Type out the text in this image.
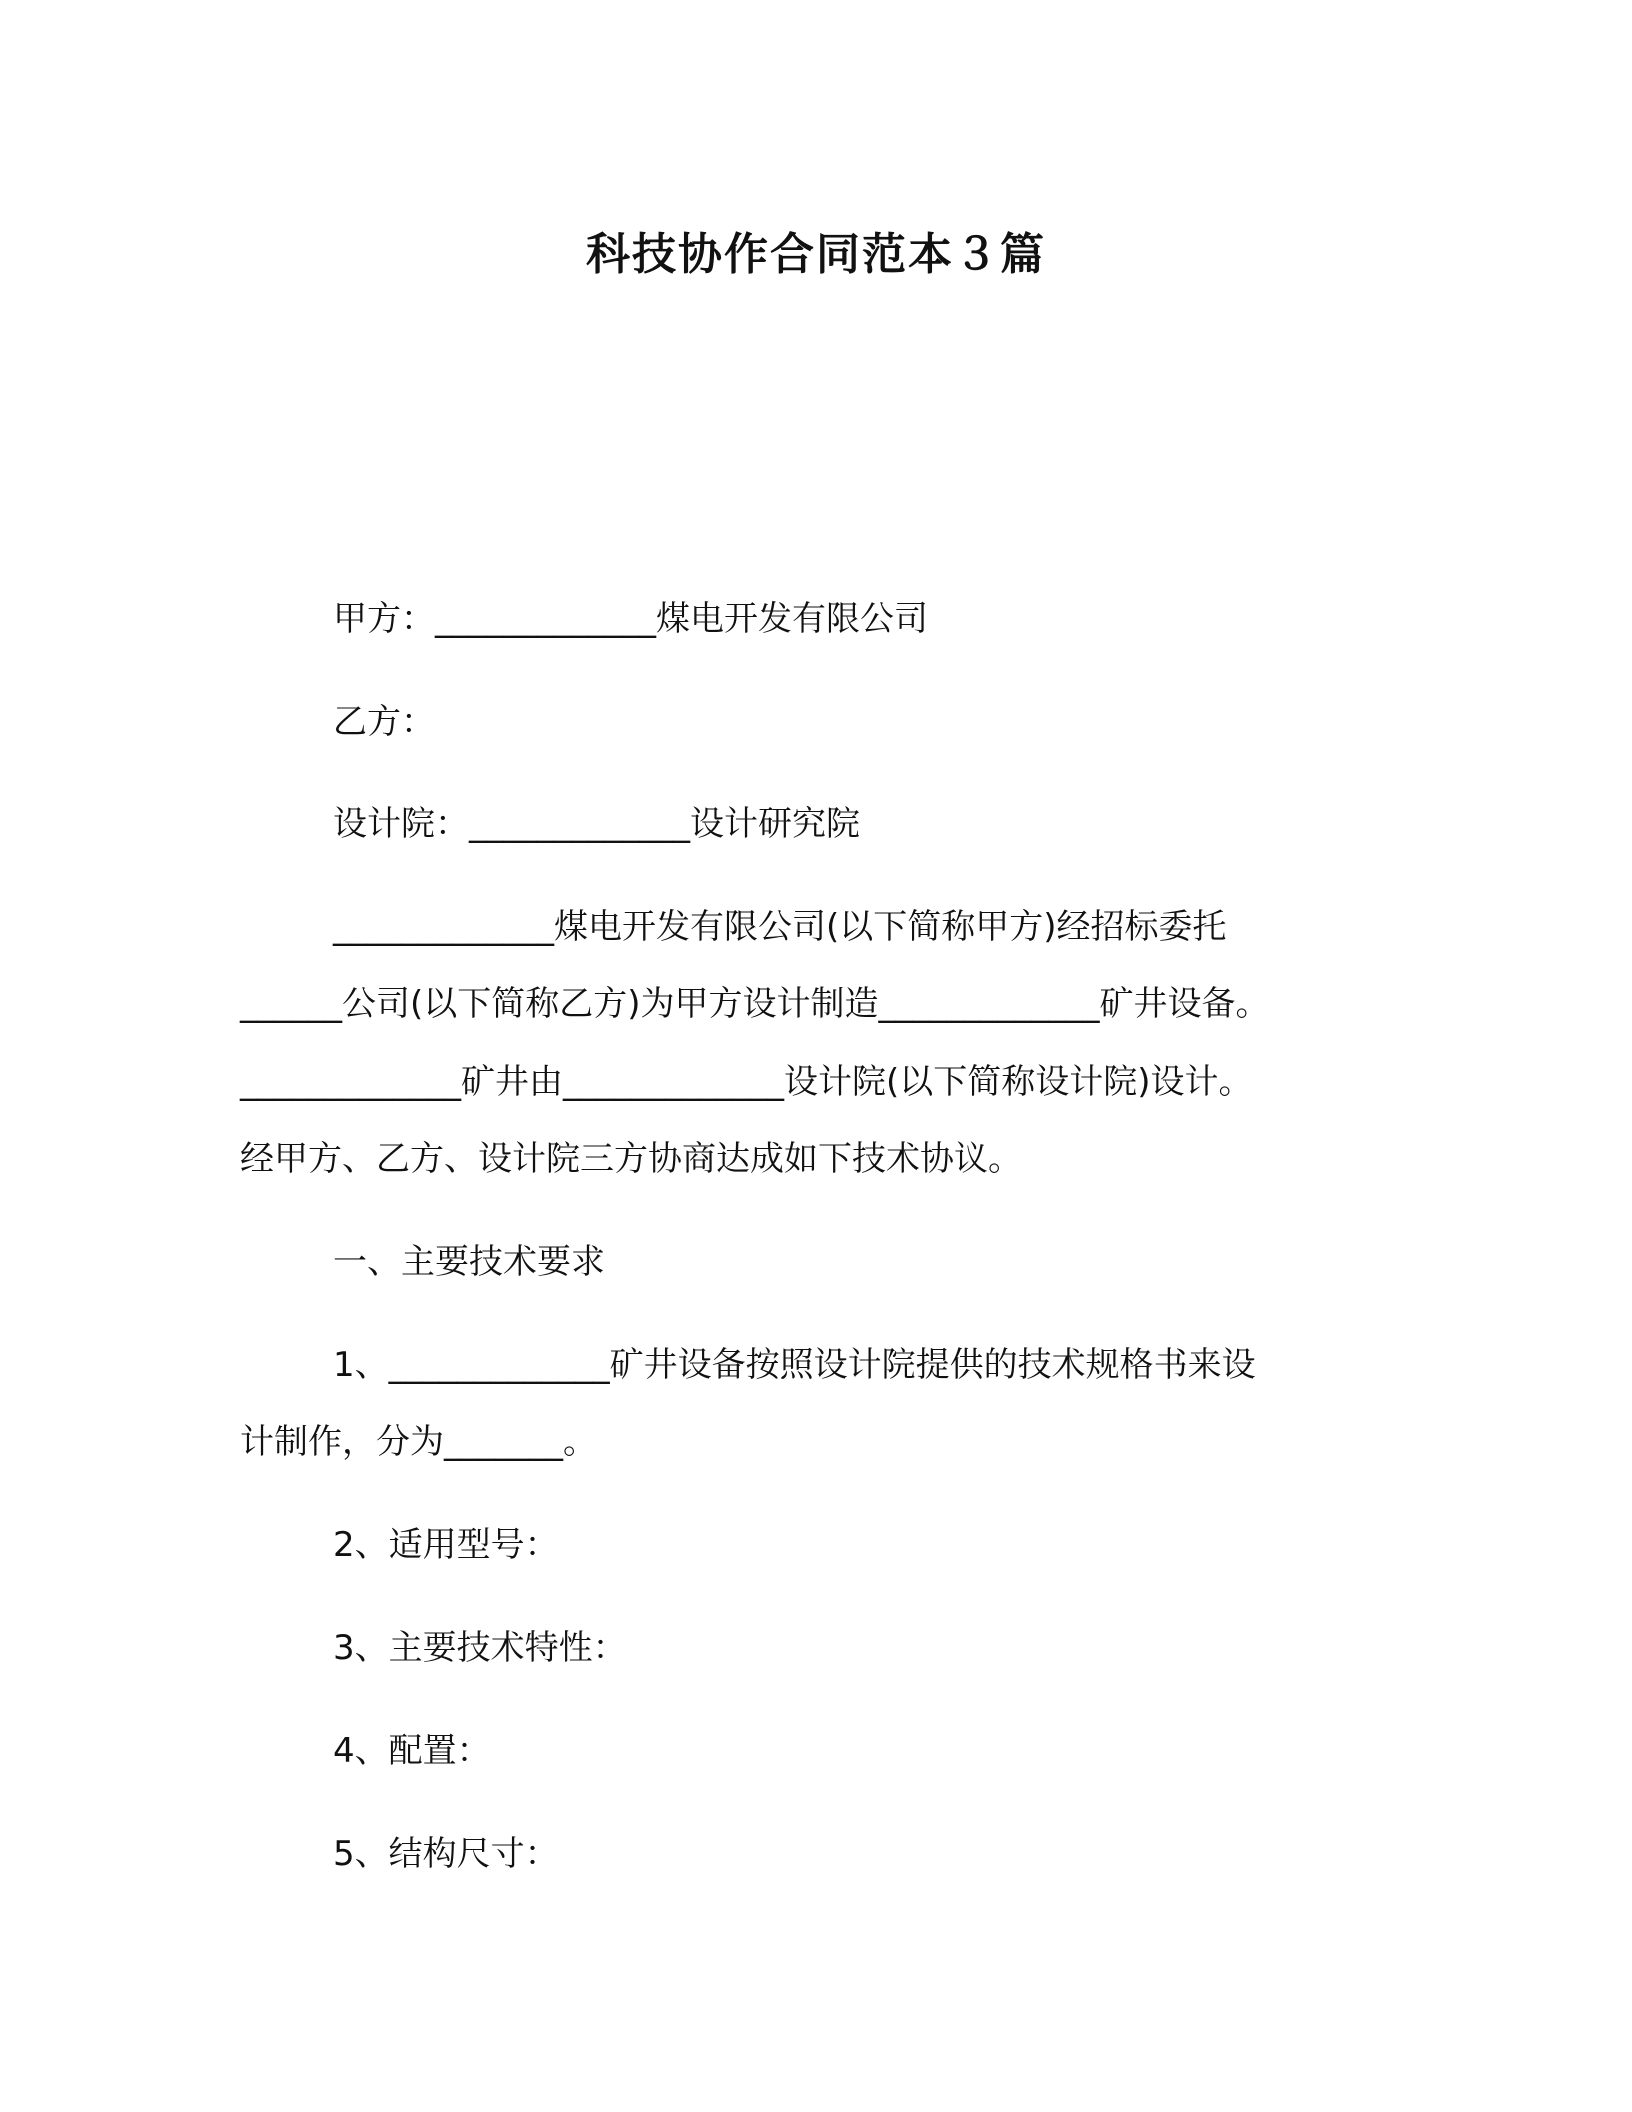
科技协作合同范本３篇
甲方：_____________煤电开发有限公司
乙方：
设计院：_____________设计研究院
_____________煤电开发有限公司(以下简称甲方)经招标委托
______公司(以下简称乙方)为甲方设计制造_____________矿井设备。
_____________矿井由_____________设计院(以下简称设计院)设计。
经甲方、乙方、设计院三方协商达成如下技术协议。
一、主要技术要求
1、_____________矿井设备按照设计院提供的技术规格书来设
计制作，分为_______。
2、适用型号：
3、主要技术特性：
4、配置：
5、结构尺寸：
